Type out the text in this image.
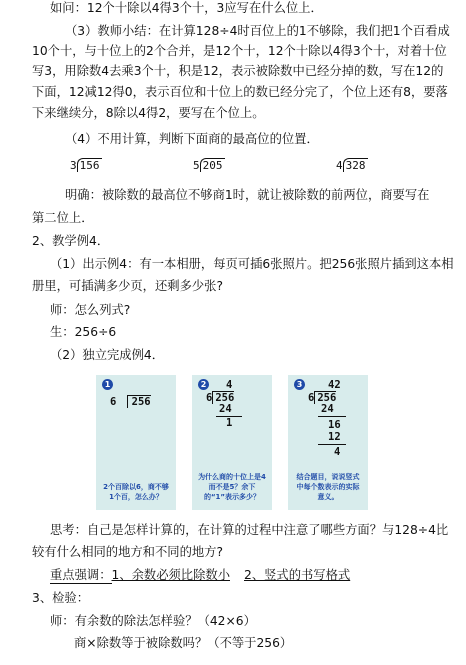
如问：12个十除以4得3个十，3应写在什么位上．
（3）教师小结：在计算128÷4时百位上的1不够除，我们把1个百看成
10个十，与十位上的2个合并，是12个十，12个十除以4得3个十，对着十位
写3，用除数4去乘3个十，积是12，表示被除数中已经分掉的数，写在12的
下面，12减12得0，表示百位和十位上的数已经分完了，个位上还有8，要落
下来继续分，8除以4得2，要写在个位上。
（4）不用计算，判断下面商的最高位的位置．
3 156	5 205	4 328
明确：被除数的最高位不够商1时，就让被除数的前两位，商要写在
第二位上．
2、教学例4．
（1）出示例4：有一本相册，每页可插6张照片。把256张照片插到这本相
册里，可插满多少页，还剩多少张?
师：怎么列式?
生：256÷6
（2）独立完成例4．
1
6 256
2个百除以6，商不够1个百，怎么办？
2 4
6 256
24
1
为什么商的十位上是4而不是5？余下的“1”表示多少？
3 42
6 256
24
16
12
4
结合题目，说说竖式中每个数表示的实际意义。
思考：自己是怎样计算的，在计算的过程中注意了哪些方面？与128÷4比
较有什么相同的地方和不同的地方?
重点强调：1、余数必须比除数小 2、竖式的书写格式
3、检验：
师：有余数的除法怎样验？（42×6）
商×除数等于被除数吗？（不等于256）
